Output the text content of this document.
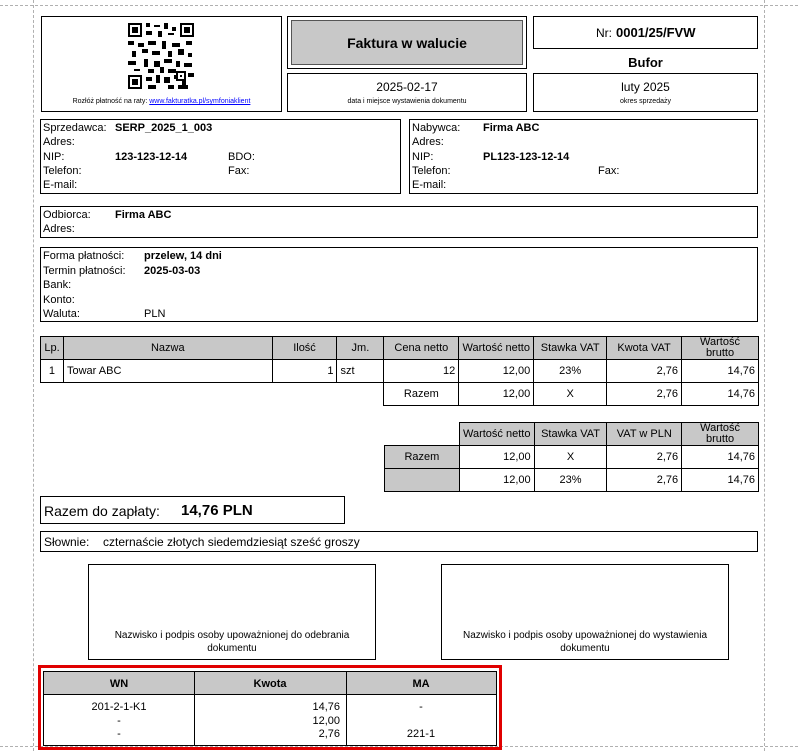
Rozłóż płatność na raty: www.fakturatka.pl/symfoniaklient
Faktura w walucie
Nr: 0001/25/FVW
Bufor
2025-02-17
data i miejsce wystawienia dokumentu
luty 2025
okres sprzedaży
Sprzedawca: SERP_2025_1_003
Adres:
NIP:	123-123-12-14	BDO:
Telefon:	Fax:
E-mail:
Nabywca: Firma ABC
Adres:
NIP:	PL123-123-12-14
Telefon:	Fax:
E-mail:
Odbiorca: Firma ABC
Adres:
Forma płatności: przelew, 14 dni
Termin płatności: 2025-03-03
Bank:
Konto:
Waluta:	PLN
Lp.	Nazwa	Ilość	Jm.	Cena netto	Wartość netto	Stawka VAT	Kwota VAT	Wartość brutto
1	Towar ABC	1	szt	12	12,00	23%	2,76	14,76
				Razem	12,00	X	2,76	14,76
	Wartość netto	Stawka VAT	VAT w PLN	Wartość brutto
Razem	12,00	X	2,76	14,76
	12,00	23%	2,76	14,76
Razem do zapłaty: 14,76 PLN
Słownie: czternaście złotych siedemdziesiąt sześć groszy
Nazwisko i podpis osoby upoważnionej do odebrania dokumentu
Nazwisko i podpis osoby upoważnionej do wystawienia dokumentu
WN	Kwota	MA
201-2-1-K1	14,76	-
-	12,00
-	2,76	221-1
